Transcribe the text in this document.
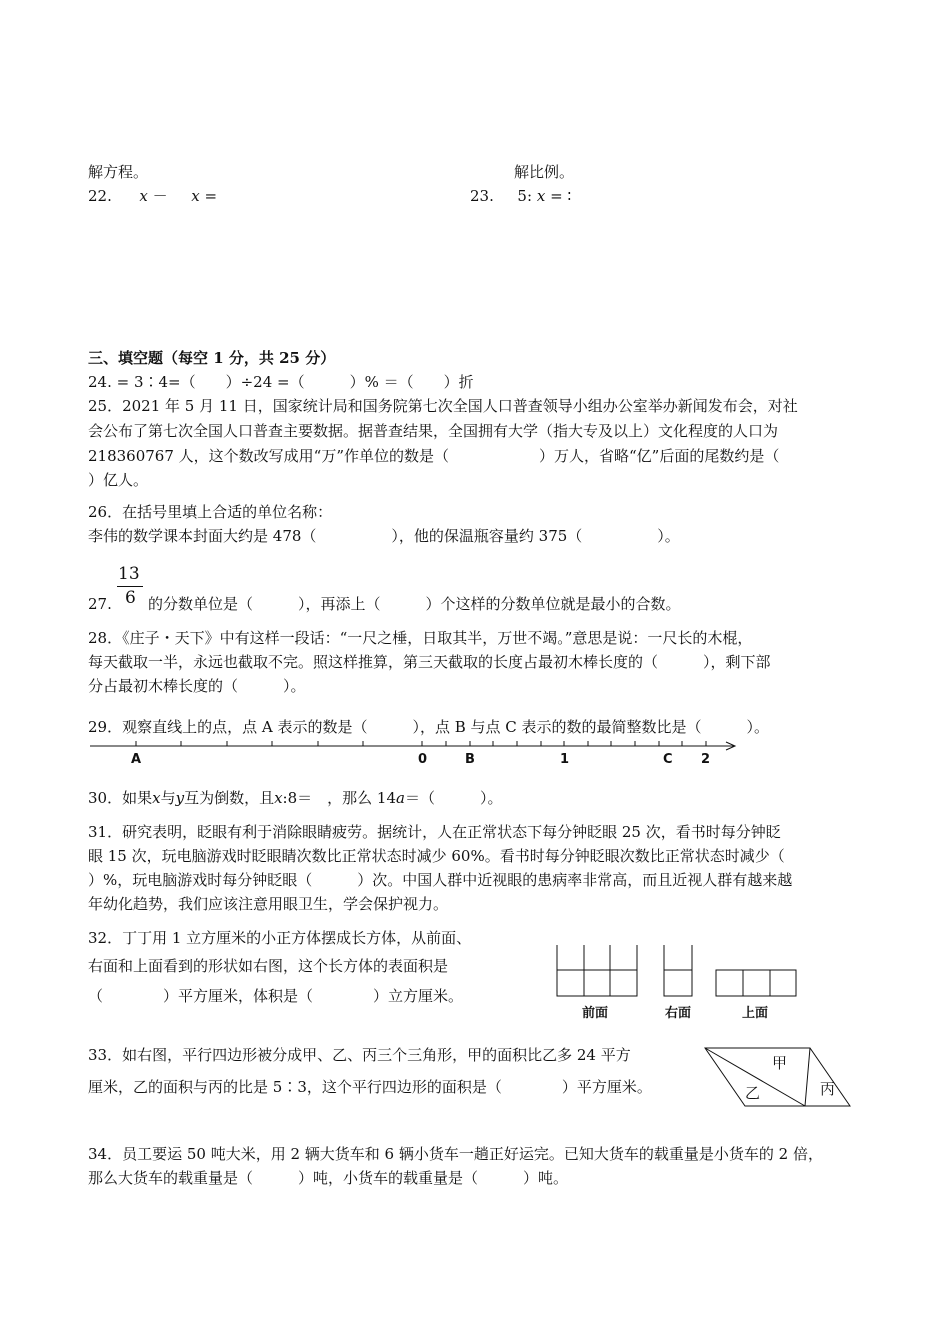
解方程。	解比例。
22. x － x =	23. 5: x = ∶
三、填空题（每空 1 分，共 25 分）
24. = 3∶4=（　　）÷24 =（　　　）% ＝（　　）折
25．2021 年 5 月 11 日，国家统计局和国务院第七次全国人口普查领导小组办公室举办新闻发布会，对社
会公布了第七次全国人口普查主要数据。据普查结果，全国拥有大学（指大专及以上）文化程度的人口为
218360767 人，这个数改写成用“万”作单位的数是（　　　　　　）万人，省略“亿”后面的尾数约是（
）亿人。
26．在括号里填上合适的单位名称：
李伟的数学课本封面大约是 478（　　　　　），他的保温瓶容量约 375（　　　　　）。
13
6
27. 的分数单位是（　　　），再添上（　　　）个这样的分数单位就是最小的合数。
28．《庄子・天下》中有这样一段话：“一尺之棰，日取其半，万世不竭。”意思是说：一尺长的木棍，
每天截取一半，永远也截取不完。照这样推算，第三天截取的长度占最初木棒长度的（　　　），剩下部
分占最初木棒长度的（　　　）。
29．观察直线上的点，点 A 表示的数是（　　　），点 B 与点 C 表示的数的最简整数比是（　　　）。
A	0	B	1	C 2
30．如果x与y互为倒数，且x:8＝　，那么 14a＝（　　　）。
31．研究表明，眨眼有利于消除眼睛疲劳。据统计，人在正常状态下每分钟眨眼 25 次，看书时每分钟眨
眼 15 次，玩电脑游戏时眨眼睛次数比正常状态时减少 60%。看书时每分钟眨眼次数比正常状态时减少（
）%，玩电脑游戏时每分钟眨眼（　　　）次。中国人群中近视眼的患病率非常高，而且近视人群有越来越
年幼化趋势，我们应该注意用眼卫生，学会保护视力。
32．丁丁用 1 立方厘米的小正方体摆成长方体，从前面、
右面和上面看到的形状如右图，这个长方体的表面积是
（　　　　）平方厘米，体积是（　　　　）立方厘米。
前面	右面	上面
33．如右图，平行四边形被分成甲、乙、丙三个三角形，甲的面积比乙多 24 平方
厘米，乙的面积与丙的比是 5∶3，这个平行四边形的面积是（　　　　）平方厘米。
甲
乙	丙
34．员工要运 50 吨大米，用 2 辆大货车和 6 辆小货车一趟正好运完。已知大货车的载重量是小货车的 2 倍，
那么大货车的载重量是（　　　）吨，小货车的载重量是（　　　）吨。
